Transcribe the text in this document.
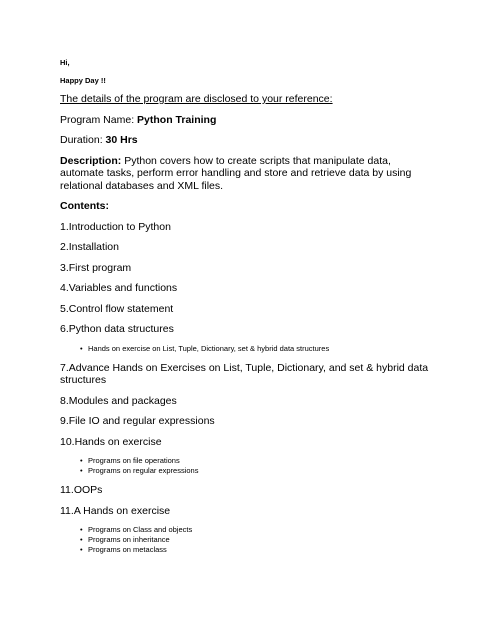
Hi,
Happy Day !!
The details of the program are disclosed to your reference:
Program Name: Python Training
Duration: 30 Hrs
Description: Python covers how to create scripts that manipulate data, automate tasks, perform error handling and store and retrieve data by using relational databases and XML files.
Contents:
1.Introduction to Python
2.Installation
3.First program
4.Variables and functions
5.Control flow statement
6.Python data structures
• Hands on exercise on List, Tuple, Dictionary, set & hybrid data structures
7.Advance Hands on Exercises on List, Tuple, Dictionary, and set & hybrid data structures
8.Modules and packages
9.File IO and regular expressions
10.Hands on exercise
• Programs on file operations
• Programs on regular expressions
11.OOPs
11.A Hands on exercise
• Programs on Class and objects
• Programs on inheritance
• Programs on metaclass
